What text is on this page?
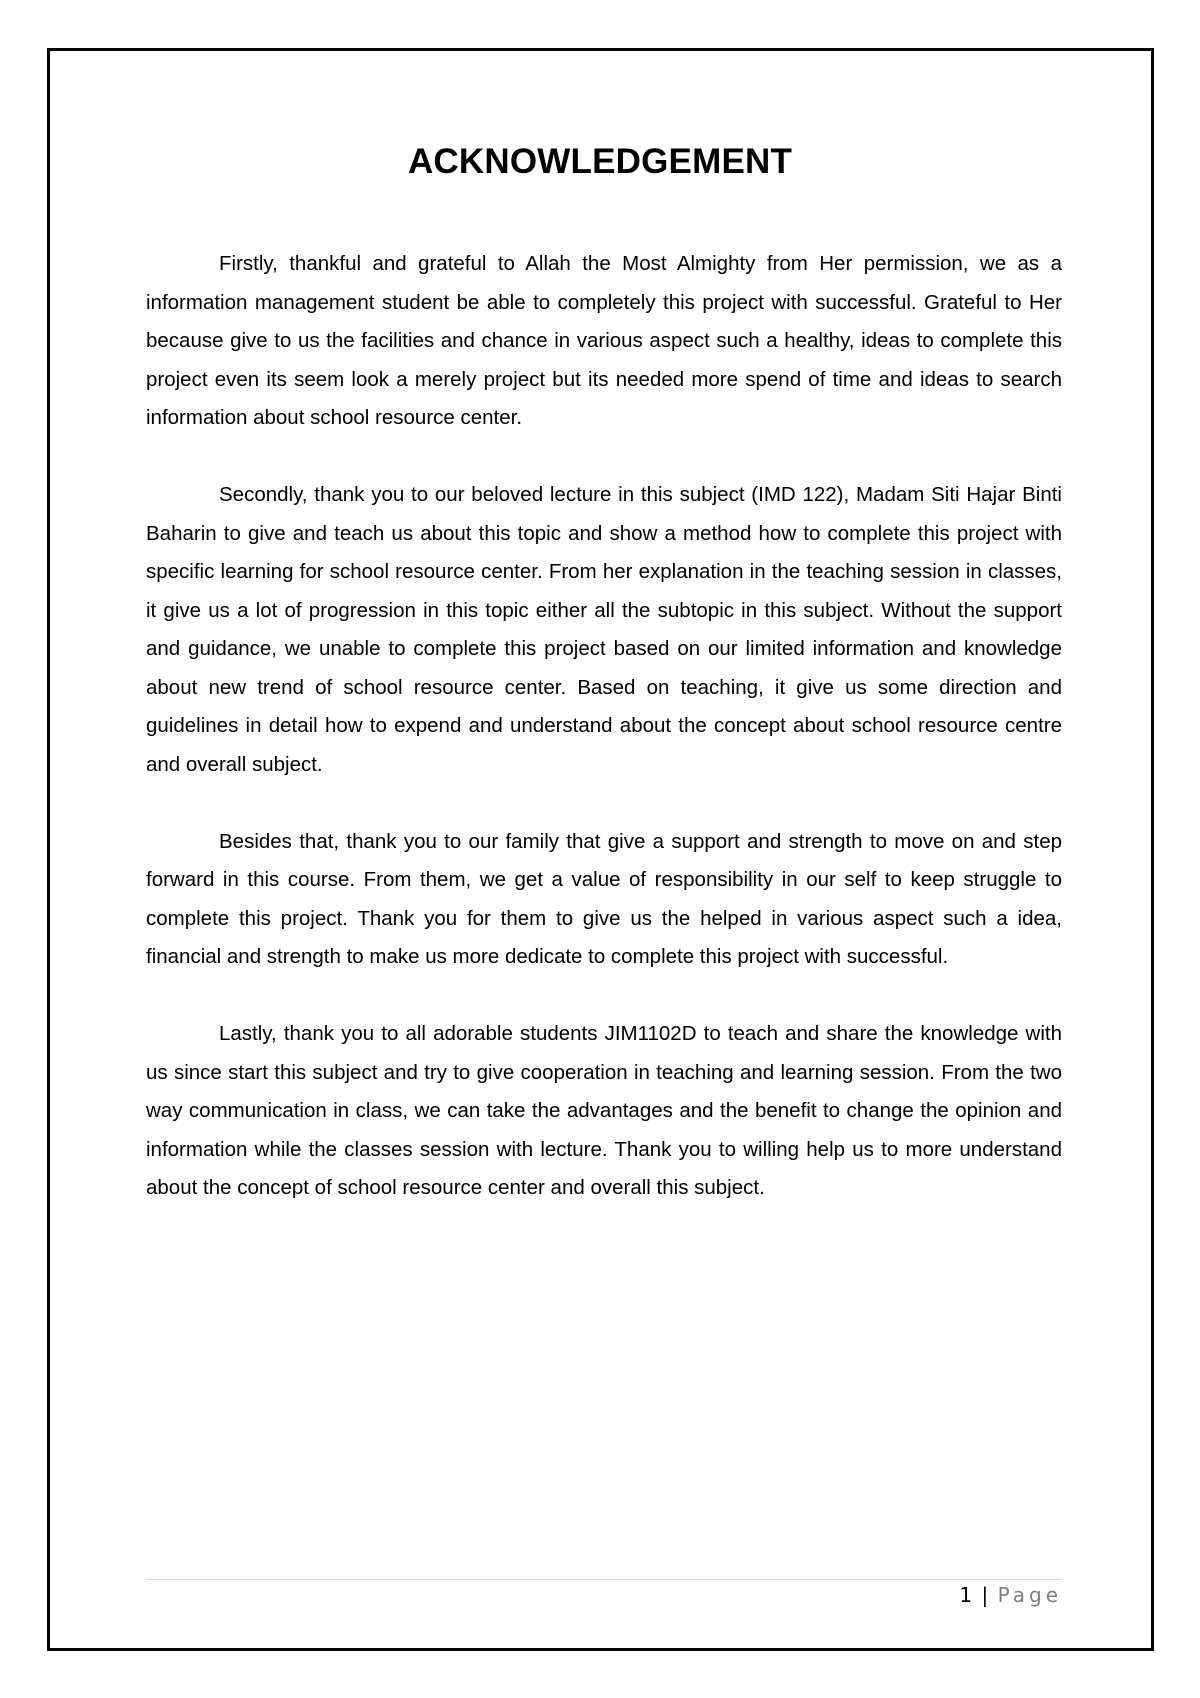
ACKNOWLEDGEMENT

Firstly, thankful and grateful to Allah the Most Almighty from Her permission, we as a information management student be able to completely this project with successful. Grateful to Her because give to us the facilities and chance in various aspect such a healthy, ideas to complete this project even its seem look a merely project but its needed more spend of time and ideas to search information about school resource center.

Secondly, thank you to our beloved lecture in this subject (IMD 122), Madam Siti Hajar Binti Baharin to give and teach us about this topic and show a method how to complete this project with specific learning for school resource center. From her explanation in the teaching session in classes, it give us a lot of progression in this topic either all the subtopic in this subject. Without the support and guidance, we unable to complete this project based on our limited information and knowledge about new trend of school resource center. Based on teaching, it give us some direction and guidelines in detail how to expend and understand about the concept about school resource centre and overall subject.

Besides that, thank you to our family that give a support and strength to move on and step forward in this course. From them, we get a value of responsibility in our self to keep struggle to complete this project. Thank you for them to give us the helped in various aspect such a idea, financial and strength to make us more dedicate to complete this project with successful.

Lastly, thank you to all adorable students JIM1102D to teach and share the knowledge with us since start this subject and try to give cooperation in teaching and learning session. From the two way communication in class, we can take the advantages and the benefit to change the opinion and information while the classes session with lecture. Thank you to willing help us to more understand about the concept of school resource center and overall this subject.

1 | Page
